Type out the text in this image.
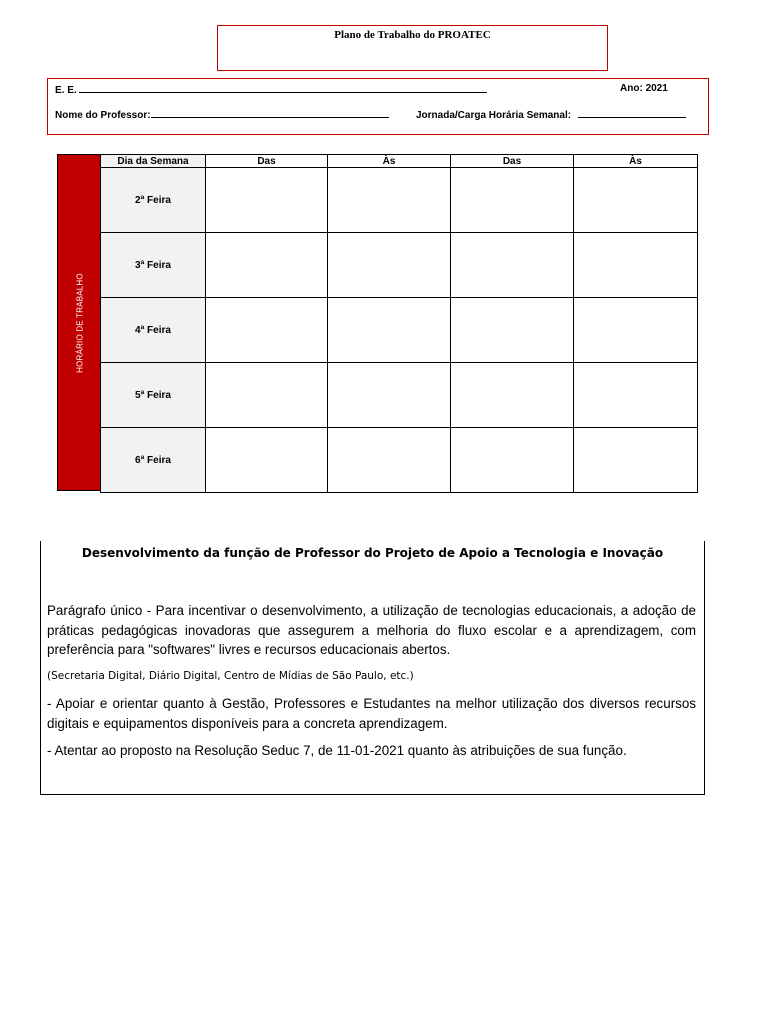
Plano de Trabalho do PROATEC
E. E.	Ano: 2021
Nome do Professor:	Jornada/Carga Horária Semanal:
HORÁRIO DE TRABALHO
Dia da Semana	Das	Às	Das	Às
2ª Feira				
3ª Feira				
4ª Feira				
5ª Feira				
6ª Feira				
Desenvolvimento da função de Professor do Projeto de Apoio a Tecnologia e Inovação

Parágrafo único - Para incentivar o desenvolvimento, a utilização de tecnologias educacionais, a adoção de práticas pedagógicas inovadoras que assegurem a melhoria do fluxo escolar e a aprendizagem, com preferência para "softwares" livres e recursos educacionais abertos.

(Secretaria Digital, Diário Digital, Centro de Mídias de São Paulo, etc.)

- Apoiar e orientar quanto à Gestão, Professores e Estudantes na melhor utilização dos diversos recursos digitais e equipamentos disponíveis para a concreta aprendizagem.

- Atentar ao proposto na Resolução Seduc 7, de 11-01-2021 quanto às atribuições de sua função.
